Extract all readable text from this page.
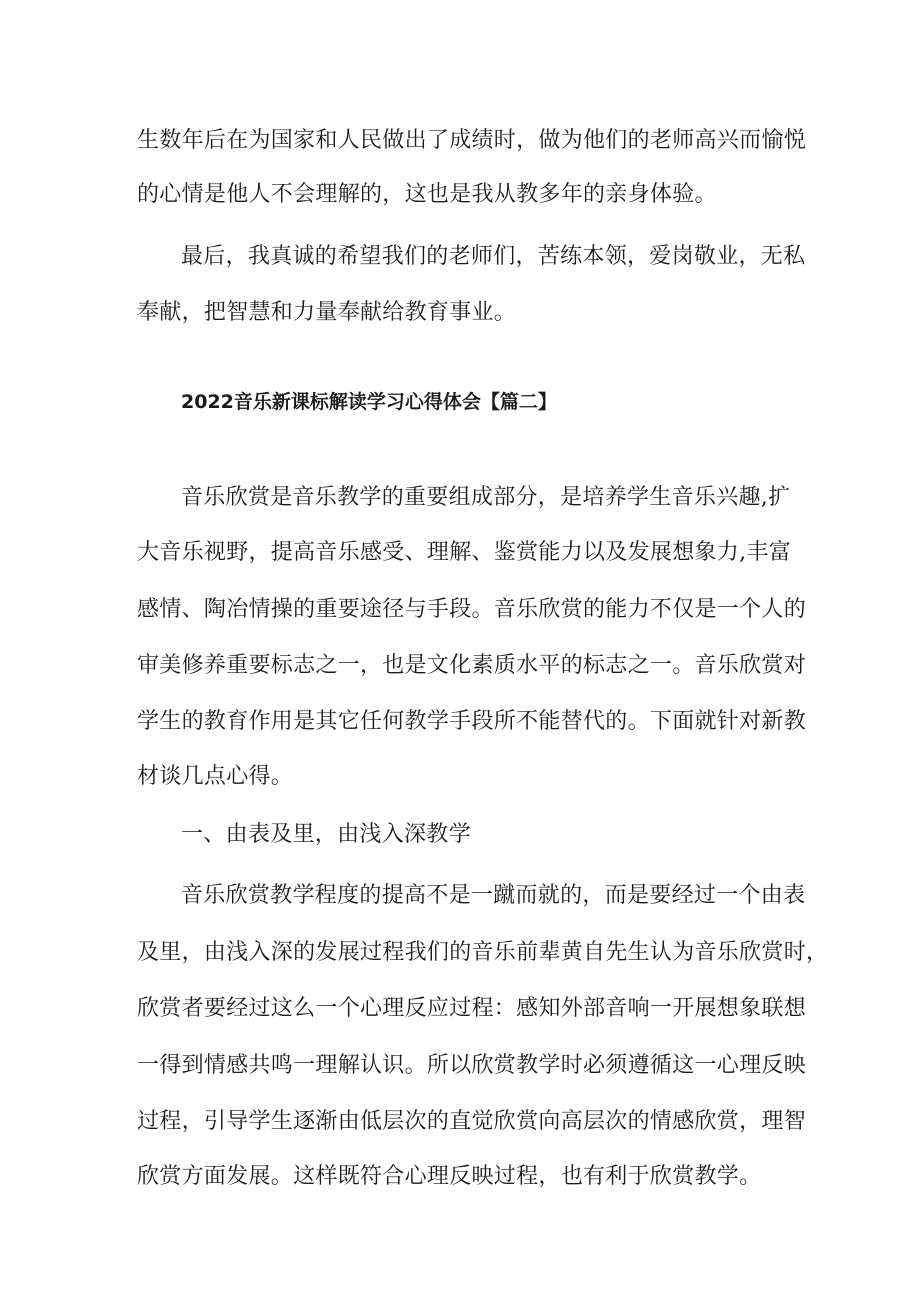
生数年后在为国家和人民做出了成绩时，做为他们的老师高兴而愉悦
的心情是他人不会理解的，这也是我从教多年的亲身体验。
最后，我真诚的希望我们的老师们，苦练本领，爱岗敬业，无私
奉献，把智慧和力量奉献给教育事业。
2022音乐新课标解读学习心得体会【篇二】
音乐欣赏是音乐教学的重要组成部分，是培养学生音乐兴趣,扩
大音乐视野，提高音乐感受、理解、鉴赏能力以及发展想象力,丰富
感情、陶冶情操的重要途径与手段。音乐欣赏的能力不仅是一个人的
审美修养重要标志之一，也是文化素质水平的标志之一。音乐欣赏对
学生的教育作用是其它任何教学手段所不能替代的。下面就针对新教
材谈几点心得。
一、由表及里，由浅入深教学
音乐欣赏教学程度的提高不是一蹴而就的，而是要经过一个由表
及里，由浅入深的发展过程我们的音乐前辈黄自先生认为音乐欣赏时，
欣赏者要经过这么一个心理反应过程：感知外部音响一开展想象联想
一得到情感共鸣一理解认识。所以欣赏教学时必须遵循这一心理反映
过程，引导学生逐渐由低层次的直觉欣赏向高层次的情感欣赏，理智
欣赏方面发展。这样既符合心理反映过程，也有利于欣赏教学。
